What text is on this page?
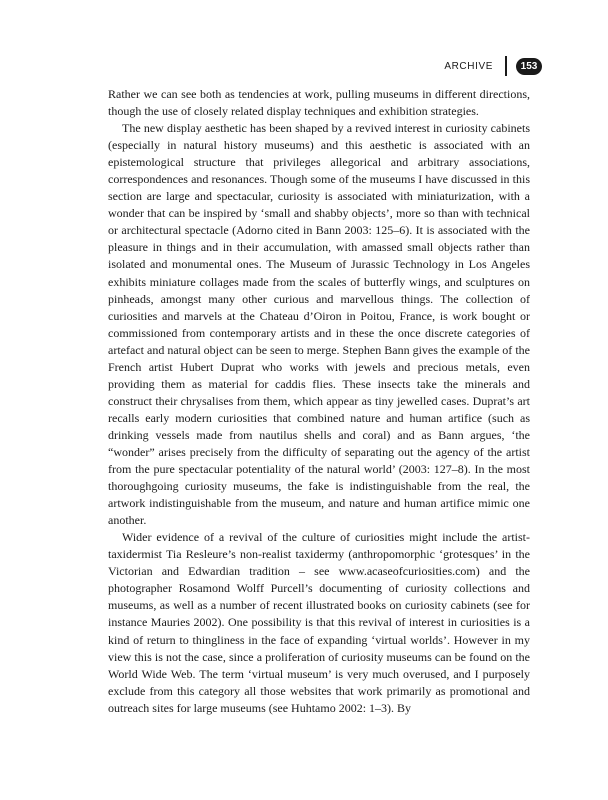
ARCHIVE	153

Rather we can see both as tendencies at work, pulling museums in different directions, though the use of closely related display techniques and exhibition strategies.

The new display aesthetic has been shaped by a revived interest in curiosity cabinets (especially in natural history museums) and this aesthetic is associated with an epistemological structure that privileges allegorical and arbitrary associations, correspondences and resonances. Though some of the museums I have discussed in this section are large and spectacular, curiosity is associated with miniaturization, with a wonder that can be inspired by ‘small and shabby objects’, more so than with technical or architectural spectacle (Adorno cited in Bann 2003: 125–6). It is associated with the pleasure in things and in their accumulation, with amassed small objects rather than isolated and monumental ones. The Museum of Jurassic Technology in Los Angeles exhibits miniature collages made from the scales of butterfly wings, and sculptures on pinheads, amongst many other curious and marvellous things. The collection of curiosities and marvels at the Chateau d’Oiron in Poitou, France, is work bought or commissioned from contemporary artists and in these the once discrete categories of artefact and natural object can be seen to merge. Stephen Bann gives the example of the French artist Hubert Duprat who works with jewels and precious metals, even providing them as material for caddis flies. These insects take the minerals and construct their chrysalises from them, which appear as tiny jewelled cases. Duprat’s art recalls early modern curiosities that combined nature and human artifice (such as drinking vessels made from nautilus shells and coral) and as Bann argues, ‘the “wonder” arises precisely from the difficulty of separating out the agency of the artist from the pure spectacular potentiality of the natural world’ (2003: 127–8). In the most thoroughgoing curiosity museums, the fake is indistinguishable from the real, the artwork indistinguishable from the museum, and nature and human artifice mimic one another.

Wider evidence of a revival of the culture of curiosities might include the artist-taxidermist Tia Resleure’s non-realist taxidermy (anthropomorphic ‘grotesques’ in the Victorian and Edwardian tradition – see www.acaseofcuriosities.com) and the photographer Rosamond Wolff Purcell’s documenting of curiosity collections and museums, as well as a number of recent illustrated books on curiosity cabinets (see for instance Mauries 2002). One possibility is that this revival of interest in curiosities is a kind of return to thingliness in the face of expanding ‘virtual worlds’. However in my view this is not the case, since a proliferation of curiosity museums can be found on the World Wide Web. The term ‘virtual museum’ is very much overused, and I purposely exclude from this category all those websites that work primarily as promotional and outreach sites for large museums (see Huhtamo 2002: 1–3). By
